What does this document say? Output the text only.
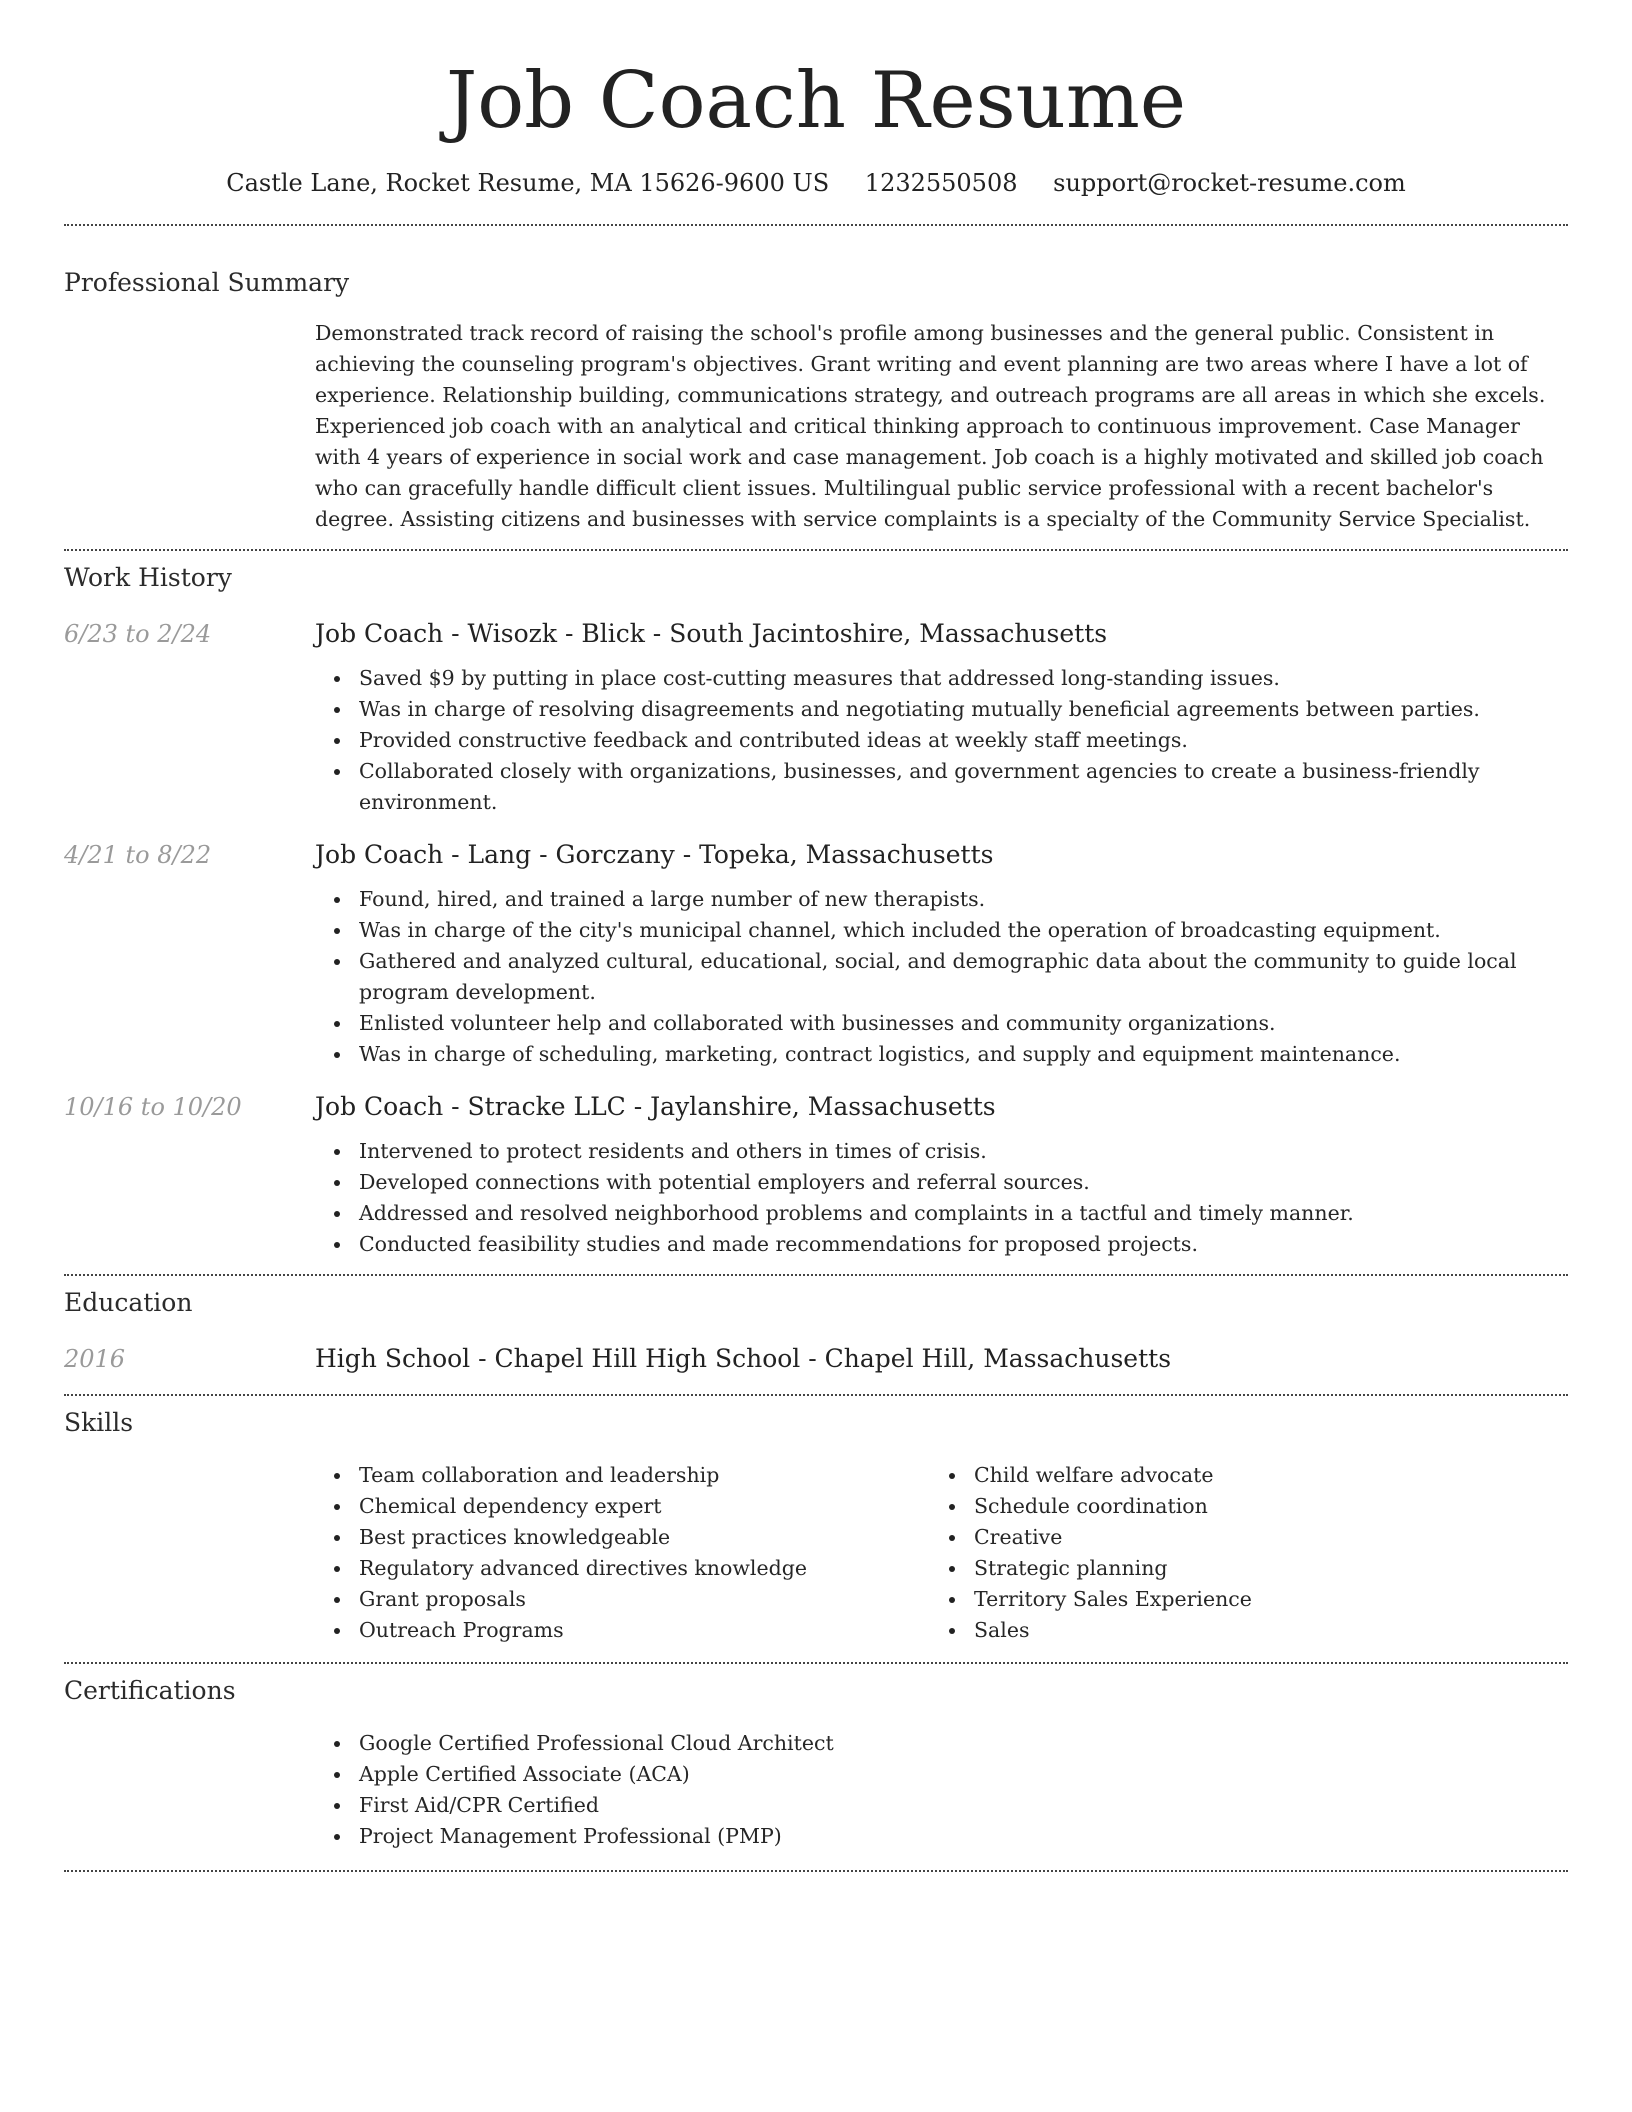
Job Coach Resume
Castle Lane, Rocket Resume, MA 15626-9600 US 1232550508 support@rocket-resume.com
Professional Summary
Demonstrated track record of raising the school's profile among businesses and the general public. Consistent in achieving the counseling program's objectives. Grant writing and event planning are two areas where I have a lot of experience. Relationship building, communications strategy, and outreach programs are all areas in which she excels. Experienced job coach with an analytical and critical thinking approach to continuous improvement. Case Manager with 4 years of experience in social work and case management. Job coach is a highly motivated and skilled job coach who can gracefully handle difficult client issues. Multilingual public service professional with a recent bachelor's degree. Assisting citizens and businesses with service complaints is a specialty of the Community Service Specialist.
Work History
6/23 to 2/24	Job Coach - Wisozk - Blick - South Jacintoshire, Massachusetts
Saved $9 by putting in place cost-cutting measures that addressed long-standing issues.
Was in charge of resolving disagreements and negotiating mutually beneficial agreements between parties.
Provided constructive feedback and contributed ideas at weekly staff meetings.
Collaborated closely with organizations, businesses, and government agencies to create a business-friendly environment.
4/21 to 8/22	Job Coach - Lang - Gorczany - Topeka, Massachusetts
Found, hired, and trained a large number of new therapists.
Was in charge of the city's municipal channel, which included the operation of broadcasting equipment.
Gathered and analyzed cultural, educational, social, and demographic data about the community to guide local program development.
Enlisted volunteer help and collaborated with businesses and community organizations.
Was in charge of scheduling, marketing, contract logistics, and supply and equipment maintenance.
10/16 to 10/20	Job Coach - Stracke LLC - Jaylanshire, Massachusetts
Intervened to protect residents and others in times of crisis.
Developed connections with potential employers and referral sources.
Addressed and resolved neighborhood problems and complaints in a tactful and timely manner.
Conducted feasibility studies and made recommendations for proposed projects.
Education
2016	High School - Chapel Hill High School - Chapel Hill, Massachusetts
Skills
Team collaboration and leadership
Chemical dependency expert
Best practices knowledgeable
Regulatory advanced directives knowledge
Grant proposals
Outreach Programs
Child welfare advocate
Schedule coordination
Creative
Strategic planning
Territory Sales Experience
Sales
Certifications
Google Certified Professional Cloud Architect
Apple Certified Associate (ACA)
First Aid/CPR Certified
Project Management Professional (PMP)
